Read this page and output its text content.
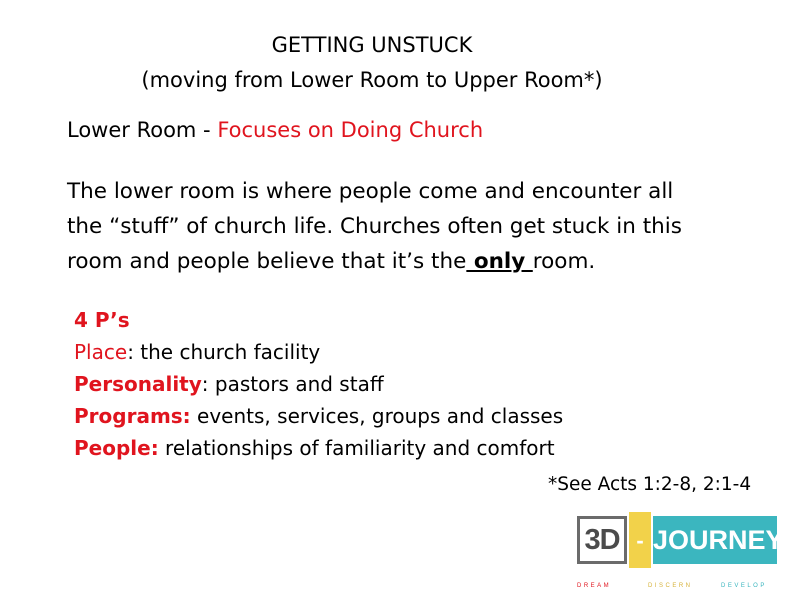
GETTING UNSTUCK
(moving from Lower Room to Upper Room*)
Lower Room - Focuses on Doing Church
The lower room is where people come and encounter all
the “stuff” of church life. Churches often get stuck in this
room and people believe that it’s the only room.
4 P’s
Place: the church facility
Personality: pastors and staff
Programs: events, services, groups and classes
People: relationships of familiarity and comfort
*See Acts 1:2-8, 2:1-4
3D - JOURNEY
DREAM	DISCERN	DEVELOP
